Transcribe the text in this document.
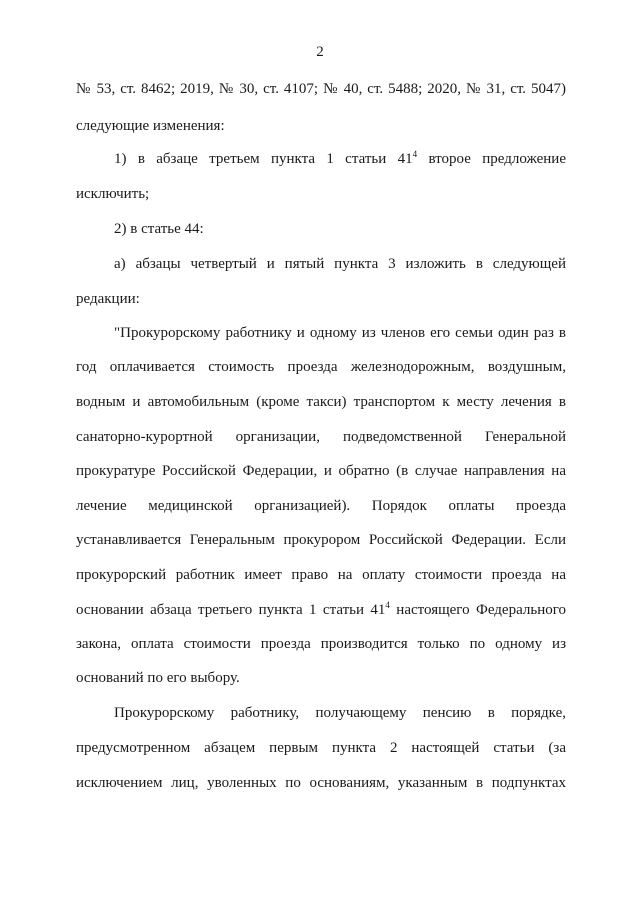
2
№ 53, ст. 8462; 2019, № 30, ст. 4107; № 40, ст. 5488; 2020, № 31, ст. 5047)
следующие изменения:
1) в абзаце третьем пункта 1 статьи $41^4$ второе предложение
исключить;
2) в статье 44:
а) абзацы четвертый и пятый пункта 3 изложить в следующей
редакции:
"Прокурорскому работнику и одному из членов его семьи один раз в
год оплачивается стоимость проезда железнодорожным, воздушным,
водным и автомобильным (кроме такси) транспортом к месту лечения в
санаторно-курортной организации, подведомственной Генеральной
прокуратуре Российской Федерации, и обратно (в случае направления на
лечение медицинской организацией). Порядок оплаты проезда
устанавливается Генеральным прокурором Российской Федерации. Если
прокурорский работник имеет право на оплату стоимости проезда на
основании абзаца третьего пункта 1 статьи $41^4$ настоящего Федерального
закона, оплата стоимости проезда производится только по одному из
оснований по его выбору.
Прокурорскому работнику, получающему пенсию в порядке,
предусмотренном абзацем первым пункта 2 настоящей статьи (за
исключением лиц, уволенных по основаниям, указанным в подпунктах
